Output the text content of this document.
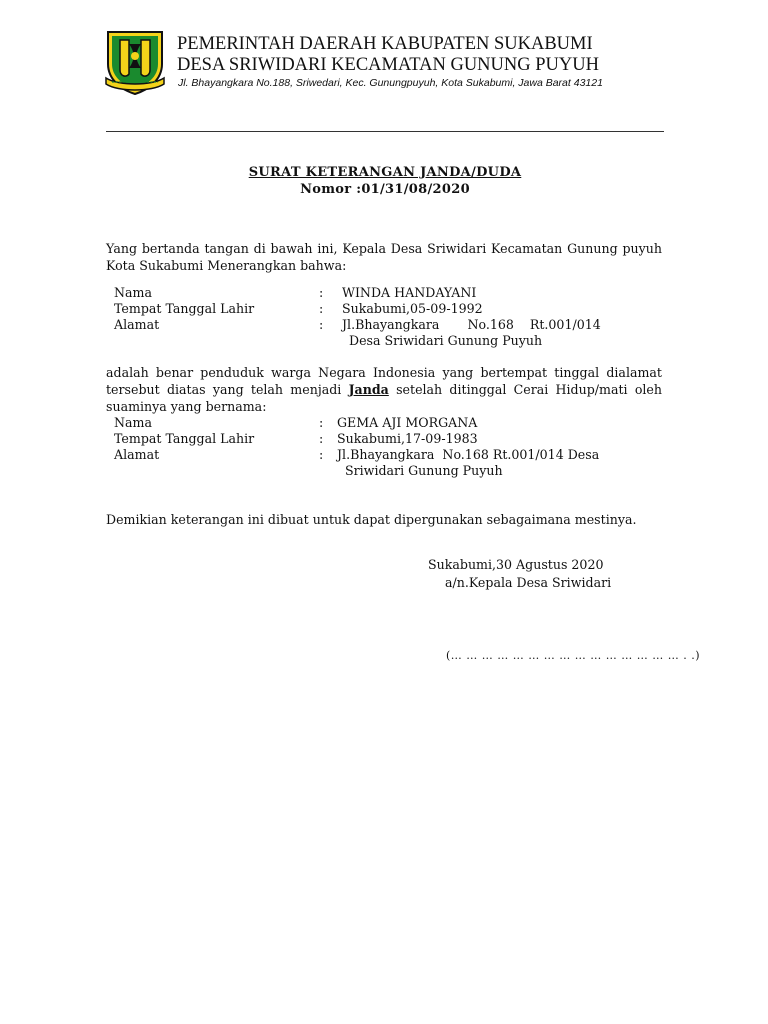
PEMERINTAH DAERAH KABUPATEN SUKABUMI
DESA SRIWIDARI KECAMATAN GUNUNG PUYUH
Jl. Bhayangkara No.188, Sriwedari, Kec. Gunungpuyuh, Kota Sukabumi, Jawa Barat 43121
SURAT KETERANGAN JANDA/DUDA
Nomor :01/31/08/2020
Yang bertanda tangan di bawah ini, Kepala Desa Sriwidari Kecamatan Gunung puyuh Kota Sukabumi Menerangkan bahwa:
Nama	: WINDA HANDAYANI
Tempat Tanggal Lahir	: Sukabumi,05-09-1992
Alamat	: Jl.Bhayangkara       No.168    Rt.001/014
Desa Sriwidari Gunung Puyuh
adalah benar penduduk warga Negara Indonesia yang bertempat tinggal dialamat tersebut diatas yang telah menjadi Janda setelah ditinggal Cerai Hidup/mati oleh suaminya yang bernama:
Nama	: GEMA AJI MORGANA
Tempat Tanggal Lahir	: Sukabumi,17-09-1983
Alamat	: Jl.Bhayangkara  No.168 Rt.001/014 Desa
Sriwidari Gunung Puyuh
Demikian keterangan ini dibuat untuk dapat dipergunakan sebagaimana mestinya.
Sukabumi,30 Agustus 2020
a/n.Kepala Desa Sriwidari
(… … … … … … … … … … … … … … … . .)
